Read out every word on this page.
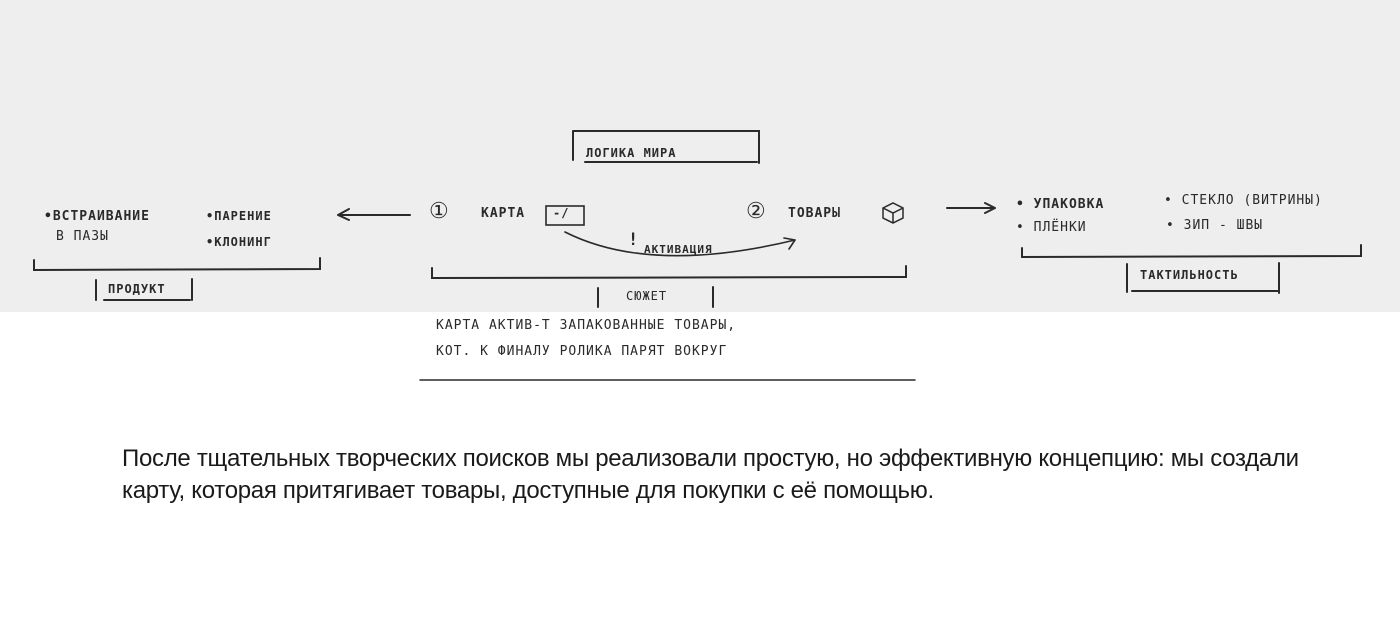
ЛОГИКА МИРА
•ВСТРАИВАНИЕ
В ПАЗЫ
•ПАРЕНИЕ
•КЛОНИНГ
ПРОДУКТ
① КАРТА -/	② ТОВАРЫ
! АКТИВАЦИЯ
СЮЖЕТ
КАРТА АКТИВ-Т ЗАПАКОВАННЫЕ ТОВАРЫ,
КОТ. К ФИНАЛУ РОЛИКА ПАРЯТ ВОКРУГ
• УПАКОВКА
• ПЛЁНКИ
• СТЕКЛО (ВИТРИНЫ)
• ЗИП - ШВЫ
ТАКТИЛЬНОСТЬ

После тщательных творческих поисков мы реализовали простую, но эффективную концепцию: мы создали карту, которая притягивает товары, доступные для покупки с её помощью.
